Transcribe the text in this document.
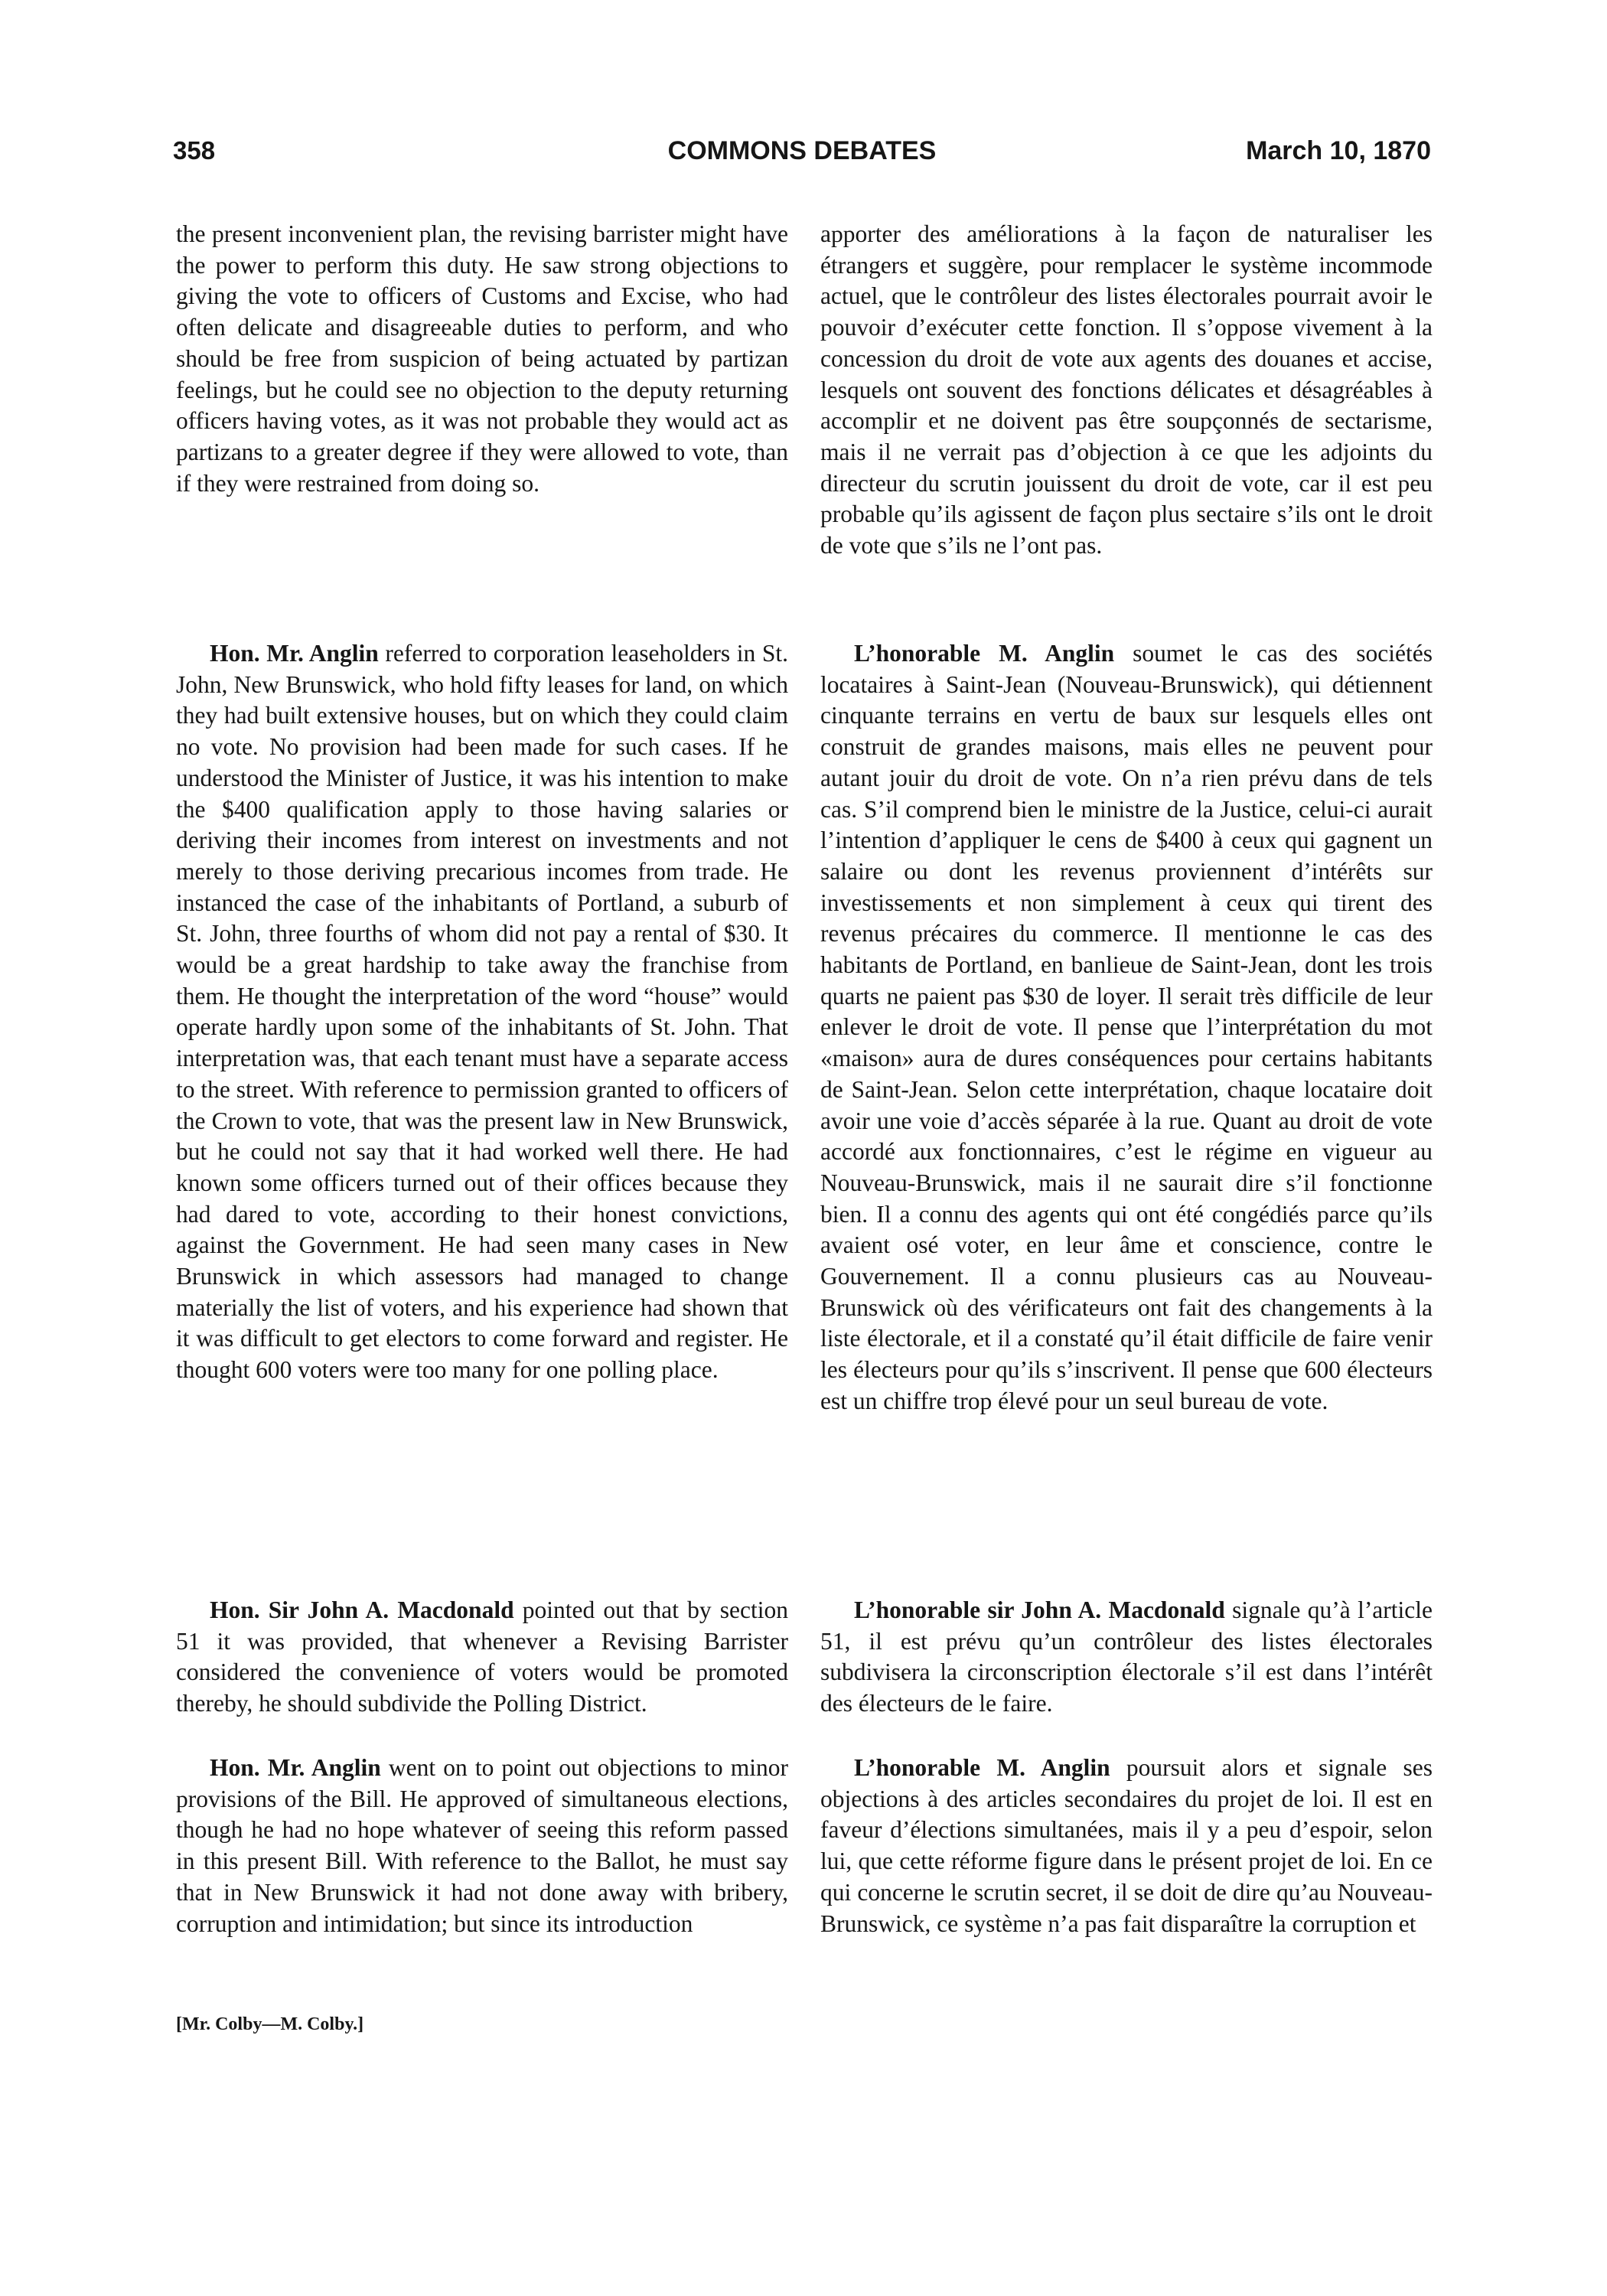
358	COMMONS DEBATES	March 10, 1870

the present inconvenient plan, the revising barrister might have the power to perform this duty. He saw strong objections to giving the vote to officers of Customs and Excise, who had often delicate and disagreeable duties to perform, and who should be free from suspicion of being actuated by partizan feelings, but he could see no objection to the deputy returning officers having votes, as it was not probable they would act as partizans to a greater degree if they were allowed to vote, than if they were restrained from doing so.

Hon. Mr. Anglin referred to corporation leaseholders in St. John, New Brunswick, who hold fifty leases for land, on which they had built extensive houses, but on which they could claim no vote. No provision had been made for such cases. If he understood the Minister of Justice, it was his intention to make the $400 qualification apply to those having salaries or deriving their incomes from interest on investments and not merely to those deriving precarious incomes from trade. He instanced the case of the inhabitants of Portland, a suburb of St. John, three fourths of whom did not pay a rental of $30. It would be a great hardship to take away the franchise from them. He thought the interpretation of the word “house” would operate hardly upon some of the inhabitants of St. John. That interpretation was, that each tenant must have a separate access to the street. With reference to permission granted to officers of the Crown to vote, that was the present law in New Brunswick, but he could not say that it had worked well there. He had known some officers turned out of their offices because they had dared to vote, according to their honest convictions, against the Government. He had seen many cases in New Brunswick in which assessors had managed to change materially the list of voters, and his experience had shown that it was difficult to get electors to come forward and register. He thought 600 voters were too many for one polling place.

Hon. Sir John A. Macdonald pointed out that by section 51 it was provided, that whenever a Revising Barrister considered the convenience of voters would be promoted thereby, he should subdivide the Polling District.

Hon. Mr. Anglin went on to point out objections to minor provisions of the Bill. He approved of simultaneous elections, though he had no hope whatever of seeing this reform passed in this present Bill. With reference to the Ballot, he must say that in New Brunswick it had not done away with bribery, corruption and intimidation; but since its introduction

apporter des améliorations à la façon de naturaliser les étrangers et suggère, pour remplacer le système incommode actuel, que le contrôleur des listes électorales pourrait avoir le pouvoir d’exécuter cette fonction. Il s’oppose vivement à la concession du droit de vote aux agents des douanes et accise, lesquels ont souvent des fonctions délicates et désagréables à accomplir et ne doivent pas être soupçonnés de sectarisme, mais il ne verrait pas d’objection à ce que les adjoints du directeur du scrutin jouissent du droit de vote, car il est peu probable qu’ils agissent de façon plus sectaire s’ils ont le droit de vote que s’ils ne l’ont pas.

L’honorable M. Anglin soumet le cas des sociétés locataires à Saint-Jean (Nouveau-Brunswick), qui détiennent cinquante terrains en vertu de baux sur lesquels elles ont construit de grandes maisons, mais elles ne peuvent pour autant jouir du droit de vote. On n’a rien prévu dans de tels cas. S’il comprend bien le ministre de la Justice, celui-ci aurait l’intention d’appliquer le cens de $400 à ceux qui gagnent un salaire ou dont les revenus proviennent d’intérêts sur investissements et non simplement à ceux qui tirent des revenus précaires du commerce. Il mentionne le cas des habitants de Portland, en banlieue de Saint-Jean, dont les trois quarts ne paient pas $30 de loyer. Il serait très difficile de leur enlever le droit de vote. Il pense que l’interprétation du mot «maison» aura de dures conséquences pour certains habitants de Saint-Jean. Selon cette interprétation, chaque locataire doit avoir une voie d’accès séparée à la rue. Quant au droit de vote accordé aux fonctionnaires, c’est le régime en vigueur au Nouveau-Brunswick, mais il ne saurait dire s’il fonctionne bien. Il a connu des agents qui ont été congédiés parce qu’ils avaient osé voter, en leur âme et conscience, contre le Gouvernement. Il a connu plusieurs cas au Nouveau-Brunswick où des vérificateurs ont fait des changements à la liste électorale, et il a constaté qu’il était difficile de faire venir les électeurs pour qu’ils s’inscrivent. Il pense que 600 électeurs est un chiffre trop élevé pour un seul bureau de vote.

L’honorable sir John A. Macdonald signale qu’à l’article 51, il est prévu qu’un contrôleur des listes électorales subdivisera la circonscription électorale s’il est dans l’intérêt des électeurs de le faire.

L’honorable M. Anglin poursuit alors et signale ses objections à des articles secondaires du projet de loi. Il est en faveur d’élections simultanées, mais il y a peu d’espoir, selon lui, que cette réforme figure dans le présent projet de loi. En ce qui concerne le scrutin secret, il se doit de dire qu’au Nouveau-Brunswick, ce système n’a pas fait disparaître la corruption et

[Mr. Colby—M. Colby.]
